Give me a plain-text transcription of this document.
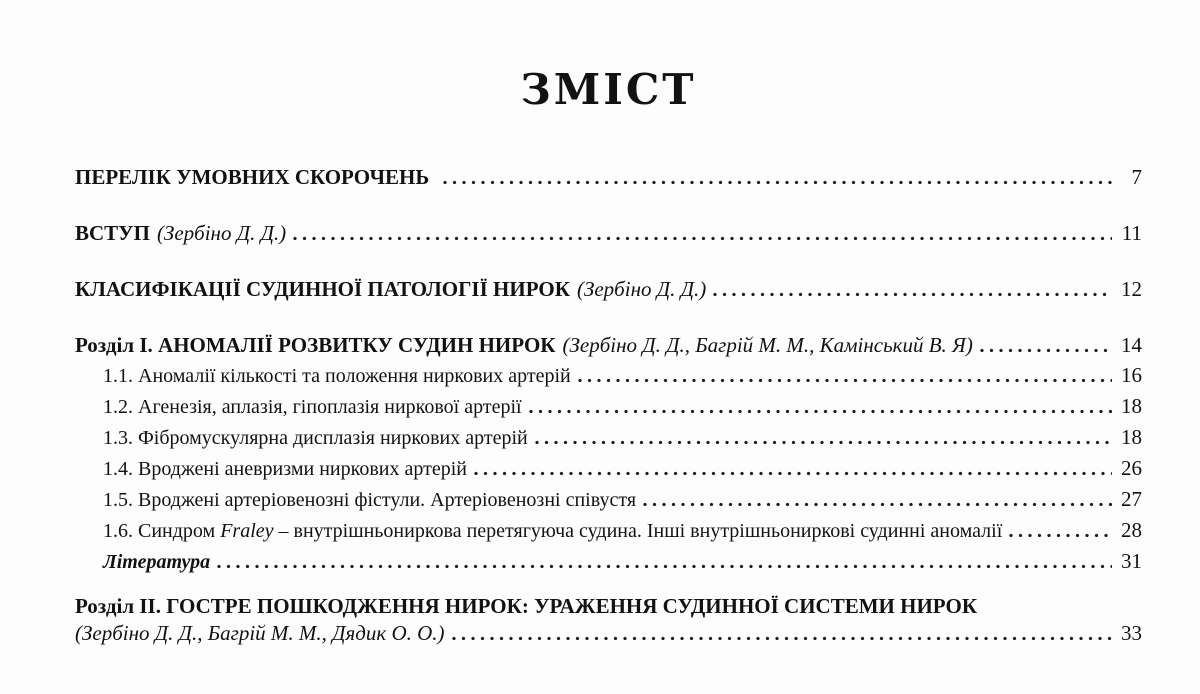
ЗМІСТ
ПЕРЕЛІК УМОВНИХ СКОРОЧЕНЬ	7
ВСТУП (Зербіно Д. Д.)	11
КЛАСИФІКАЦІЇ СУДИННОЇ ПАТОЛОГІЇ НИРОК (Зербіно Д. Д.)	12
Розділ I. АНОМАЛІЇ РОЗВИТКУ СУДИН НИРОК (Зербіно Д. Д., Багрій М. М., Камінський В. Я)	14
1.1. Аномалії кількості та положення ниркових артерій	16
1.2. Агенезія, аплазія, гіпоплазія ниркової артерії	18
1.3. Фібромускулярна дисплазія ниркових артерій	18
1.4. Вроджені аневризми ниркових артерій	26
1.5. Вроджені артеріовенозні фістули. Артеріовенозні співустя	27
1.6. Синдром Fraley – внутрішньониркова перетягуюча судина. Інші внутрішньониркові судинні аномалії	28
Література	31
Розділ II. ГОСТРЕ ПОШКОДЖЕННЯ НИРОК: УРАЖЕННЯ СУДИННОЇ СИСТЕМИ НИРОК
(Зербіно Д. Д., Багрій М. М., Дядик О. О.)	33
